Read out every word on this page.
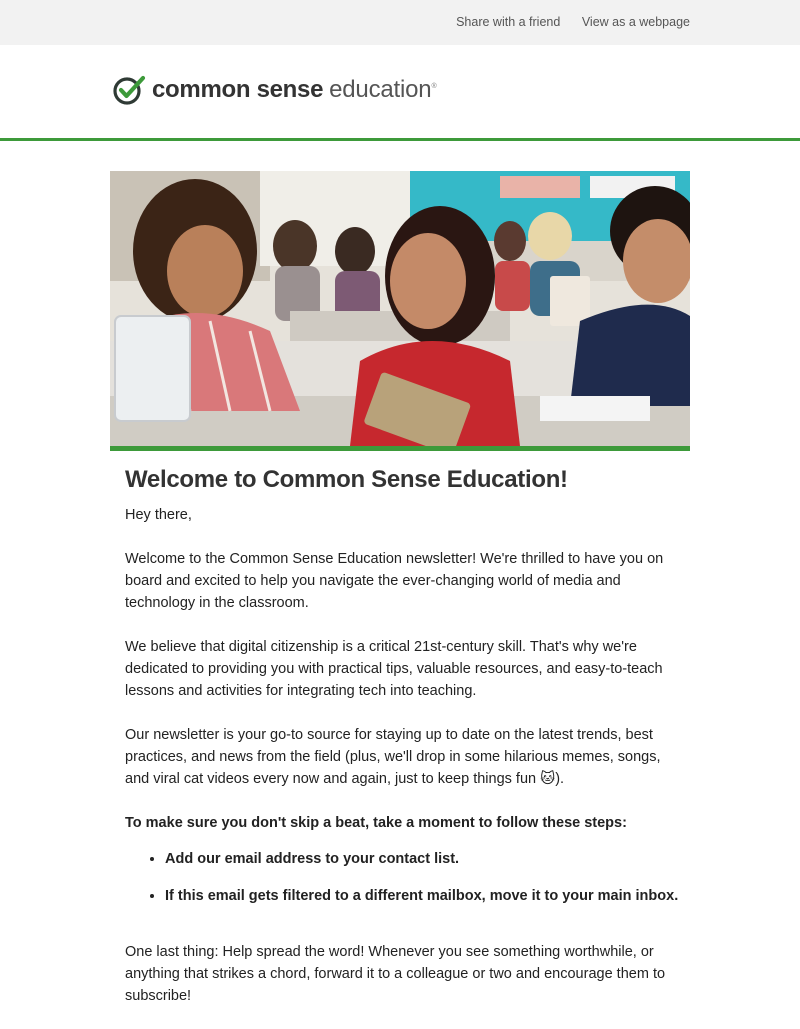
Share with a friend View as a webpage
common sense education ®
Welcome to Common Sense Education!

Hey there,

Welcome to the Common Sense Education newsletter! We're thrilled to have you on board and excited to help you navigate the ever-changing world of media and technology in the classroom.

We believe that digital citizenship is a critical 21st-century skill. That's why we're dedicated to providing you with practical tips, valuable resources, and easy-to-teach lessons and activities for integrating tech into teaching.

Our newsletter is your go-to source for staying up to date on the latest trends, best practices, and news from the field (plus, we'll drop in some hilarious memes, songs, and viral cat videos every now and again, just to keep things fun 🐱).

To make sure you don't skip a beat, take a moment to follow these steps:

• Add our email address to your contact list.
• If this email gets filtered to a different mailbox, move it to your main inbox.

One last thing: Help spread the word! Whenever you see something worthwhile, or anything that strikes a chord, forward it to a colleague or two and encourage them to subscribe!
